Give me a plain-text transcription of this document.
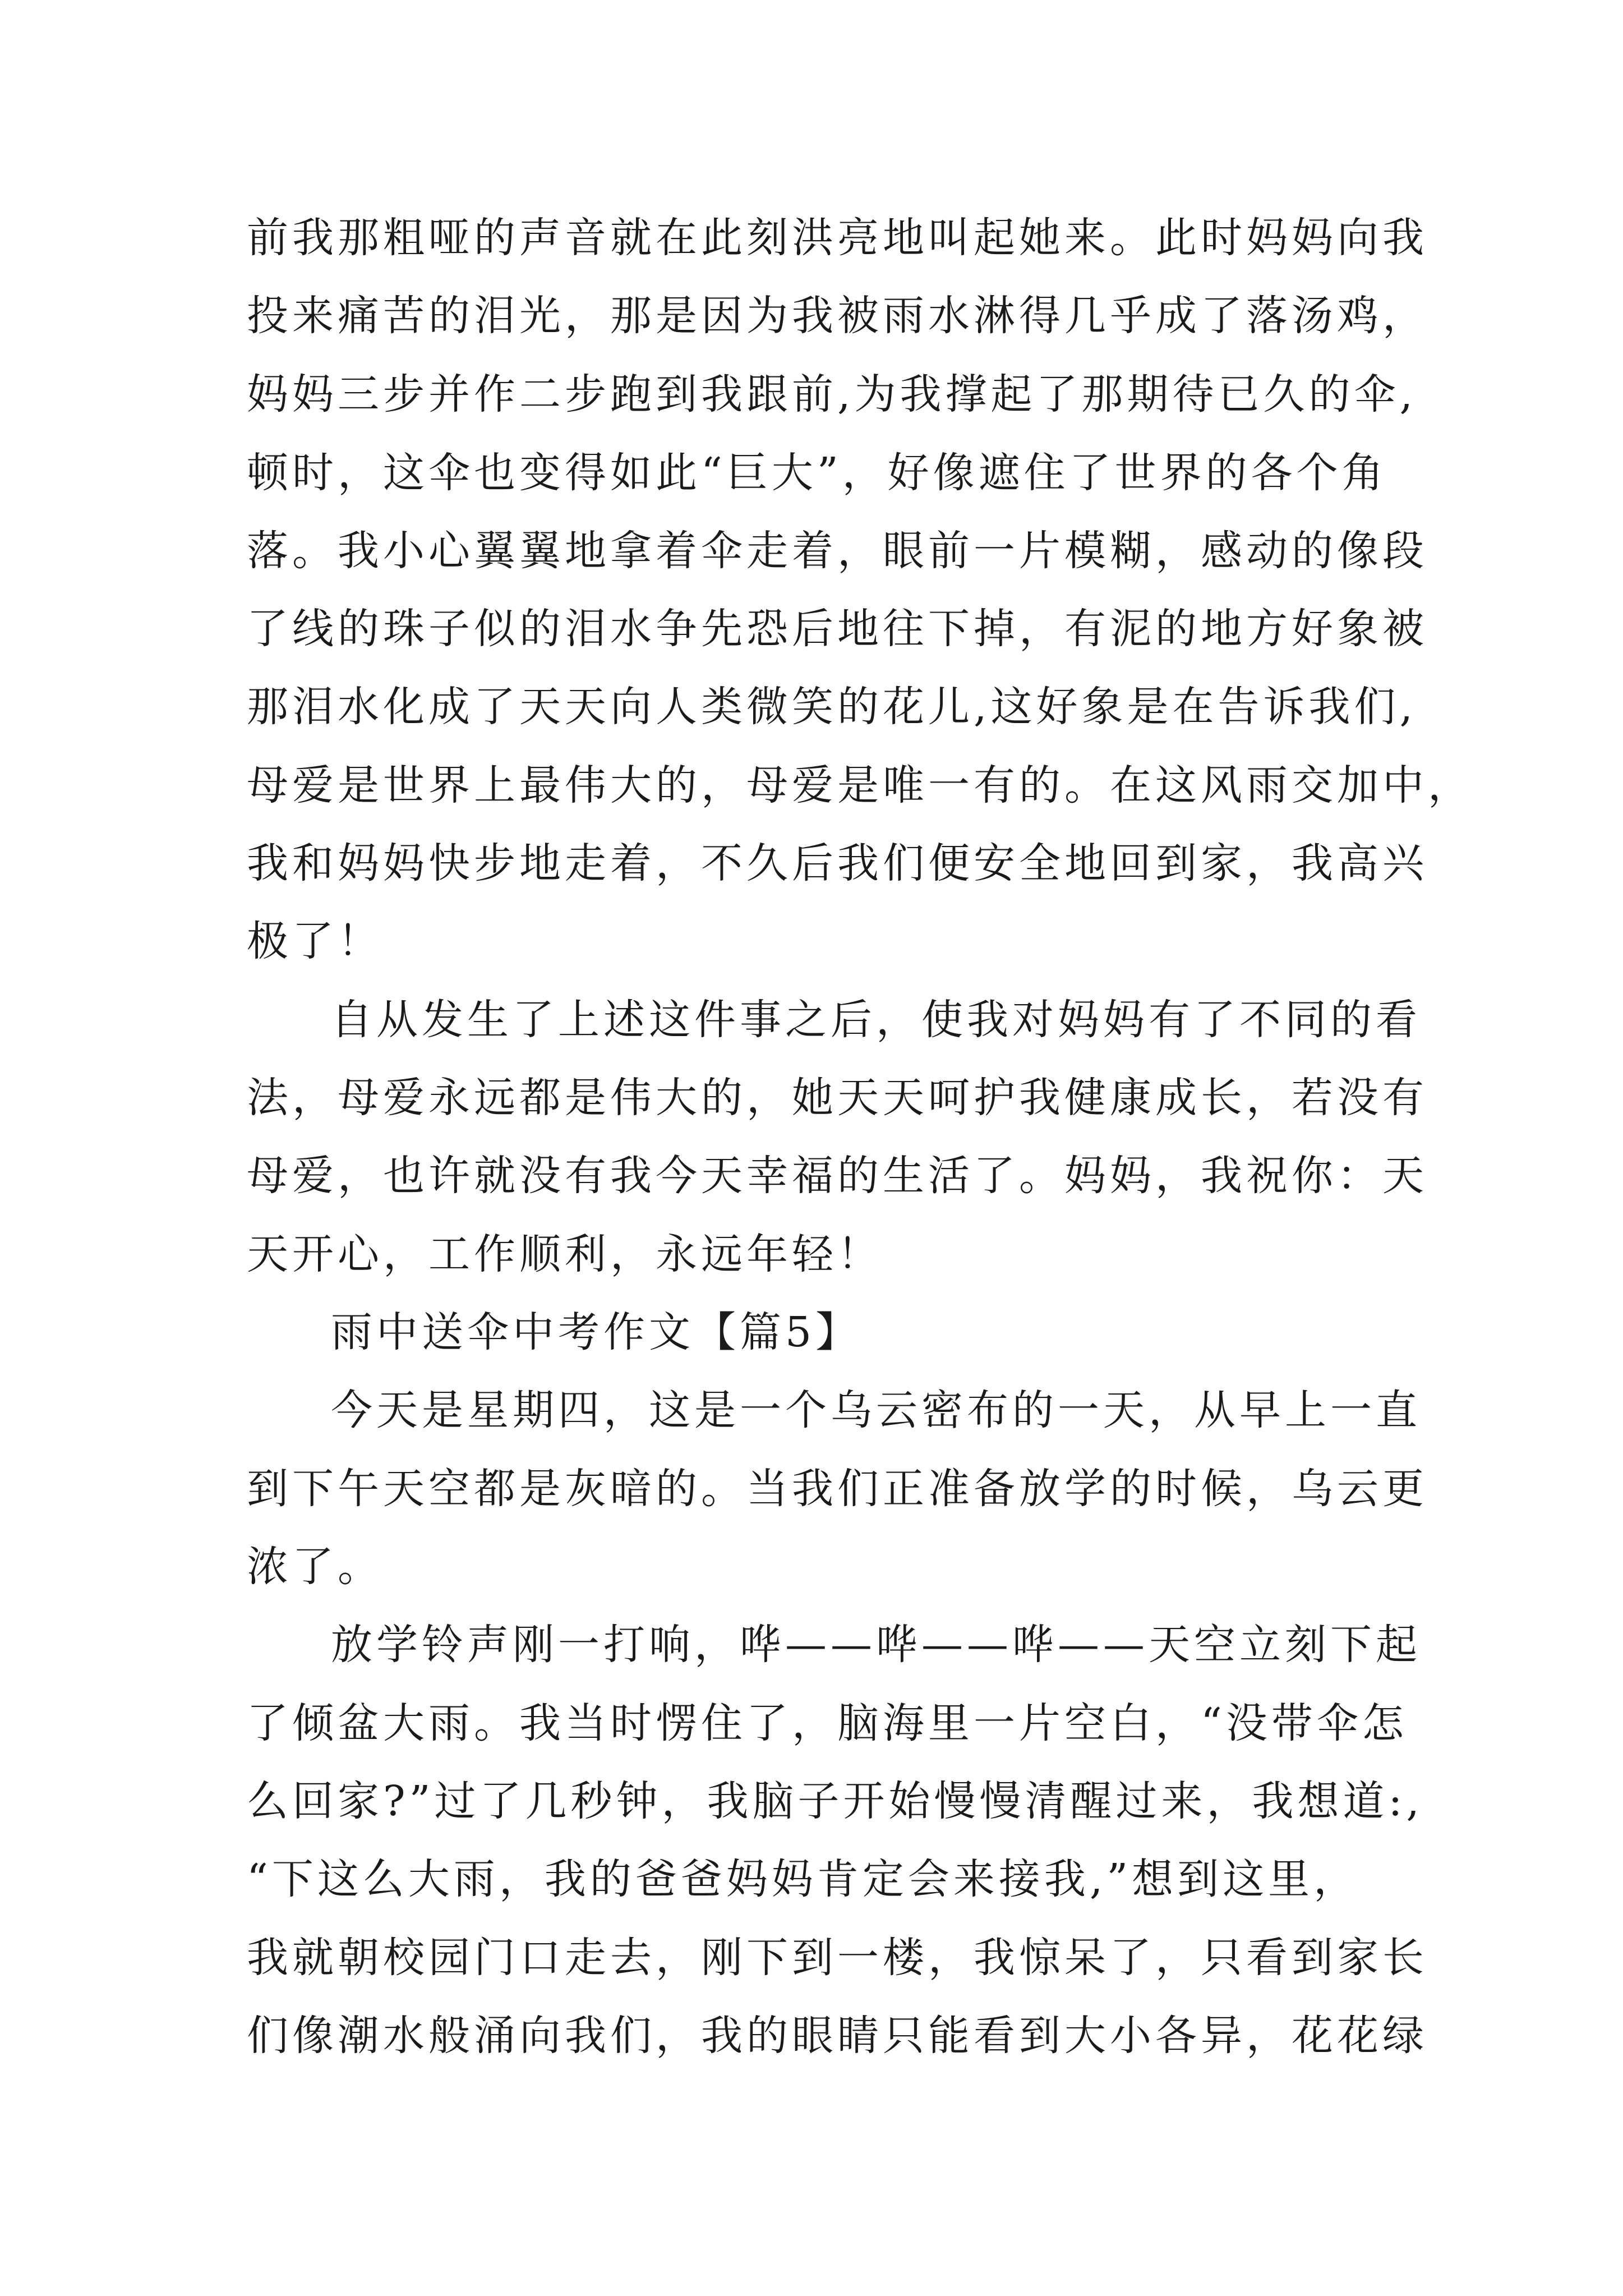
前我那粗哑的声音就在此刻洪亮地叫起她来。此时妈妈向我

投来痛苦的泪光，那是因为我被雨水淋得几乎成了落汤鸡，

妈妈三步并作二步跑到我跟前,为我撑起了那期待已久的伞,

顿时，这伞也变得如此“巨大”，好像遮住了世界的各个角

落。我小心翼翼地拿着伞走着，眼前一片模糊，感动的像段

了线的珠子似的泪水争先恐后地往下掉，有泥的地方好象被

那泪水化成了天天向人类微笑的花儿,这好象是在告诉我们,

母爱是世界上最伟大的，母爱是唯一有的。在这风雨交加中，

我和妈妈快步地走着，不久后我们便安全地回到家，我高兴

极了！

自从发生了上述这件事之后，使我对妈妈有了不同的看

法，母爱永远都是伟大的，她天天呵护我健康成长，若没有

母爱，也许就没有我今天幸福的生活了。妈妈，我祝你：天

天开心，工作顺利，永远年轻！

雨中送伞中考作文【篇5】

今天是星期四，这是一个乌云密布的一天，从早上一直

到下午天空都是灰暗的。当我们正准备放学的时候，乌云更

浓了。

放学铃声刚一打响，哗——哗——哗——天空立刻下起

了倾盆大雨。我当时愣住了，脑海里一片空白，“没带伞怎

么回家?”过了几秒钟，我脑子开始慢慢清醒过来，我想道:,

“下这么大雨，我的爸爸妈妈肯定会来接我,”想到这里，

我就朝校园门口走去，刚下到一楼，我惊呆了，只看到家长

们像潮水般涌向我们，我的眼睛只能看到大小各异，花花绿
